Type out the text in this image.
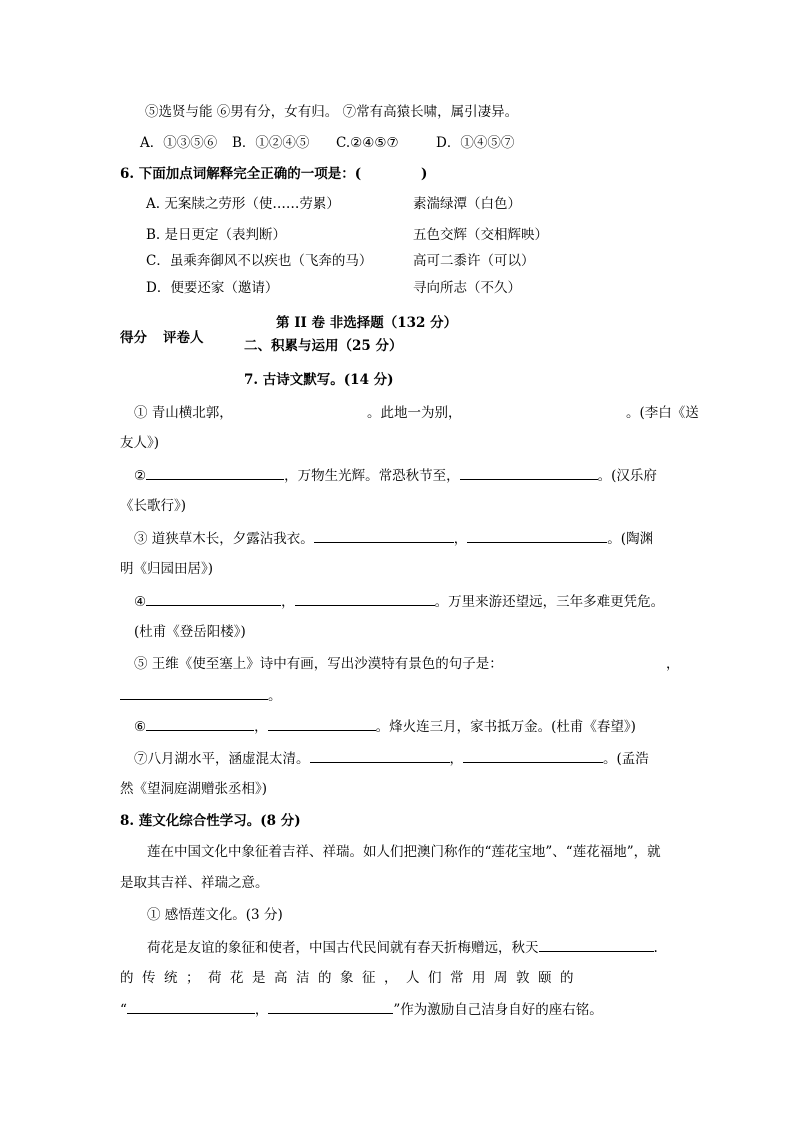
⑤选贤与能 ⑥男有分，女有归。 ⑦常有高猿长啸，属引凄异。
A．①③⑤⑥ B．①②④⑤ C.②④⑤⑦	D．①④⑤⑦
6. 下面加点词解释完全正确的一项是：(	)
A. 无案牍之劳形（使……劳累）	素湍绿潭（白色）
B. 是日更定（表判断）	五色交辉（交相辉映）
C．虽乘奔御风不以疾也（飞奔的马）	高可二黍许（可以）
D．便要还家（邀请）	寻向所志（不久）
得分 评卷人
第 II 卷 非选择题（132 分）
二、积累与运用（25 分）
7. 古诗文默写。(14 分)
① 青山横北郭，	。此地一为别，	。(李白《送
友人》)
②	，万物生光辉。常恐秋节至，	。(汉乐府
《长歌行》)
③ 道狭草木长，夕露沾我衣。	，	。(陶渊
明《归园田居》)
④	，	。万里来游还望远，三年多难更凭危。
(杜甫《登岳阳楼》)
⑤ 王维《使至塞上》诗中有画，写出沙漠特有景色的句子是：	，
。
⑥	，	。烽火连三月，家书抵万金。(杜甫《春望》)
⑦八月湖水平，涵虚混太清。	，	。(孟浩
然《望洞庭湖赠张丞相》)
8. 莲文化综合性学习。(8 分)
莲在中国文化中象征着吉祥、祥瑞。如人们把澳门称作的“莲花宝地”、“莲花福地”，就
是取其吉祥、祥瑞之意。
① 感悟莲文化。(3 分)
荷花是友谊的象征和使者，中国古代民间就有春天折梅赠远，秋天	.
的传统；荷花是高洁的象征，人们常用周敦颐的
“	，	”作为激励自己洁身自好的座右铭。
